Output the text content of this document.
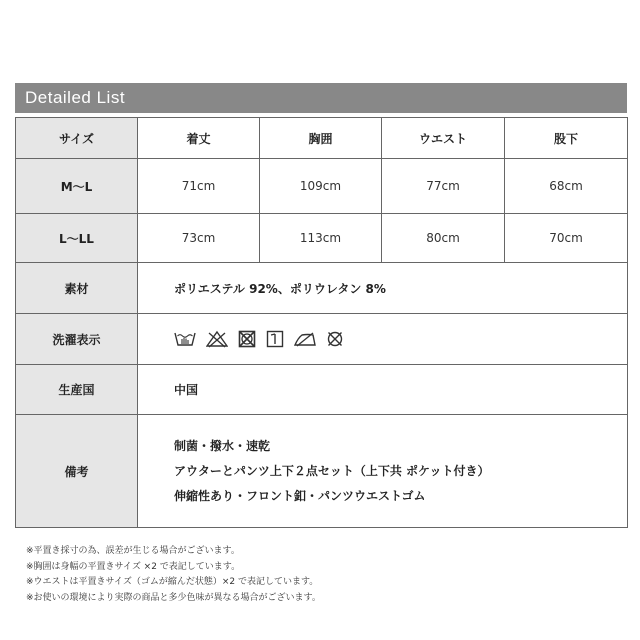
Detailed List
サイズ	着丈	胸囲	ウエスト	股下
M～L	71cm	109cm	77cm	68cm
L～LL	73cm	113cm	80cm	70cm
素材	ポリエステル 92%、ポリウレタン 8%			
洗濯表示	

生産国	中国			
備考	制菌・撥水・速乾
アウターとパンツ上下２点セット（上下共 ポケット付き）
伸縮性あり・フロント釦・パンツウエストゴム			
※平置き採寸の為、誤差が生じる場合がございます。
※胸囲は身幅の平置きサイズ ×2 で表記しています。
※ウエストは平置きサイズ（ゴムが縮んだ状態）×2 で表記しています。
※お使いの環境により実際の商品と多少色味が異なる場合がございます。
